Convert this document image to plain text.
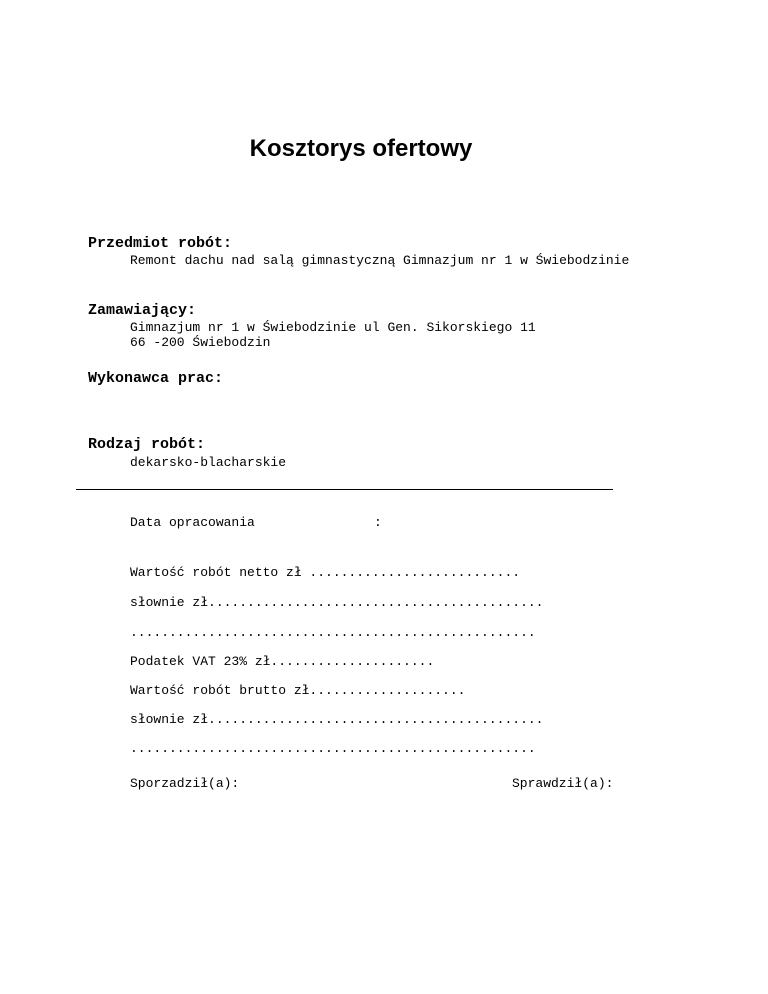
Kosztorys ofertowy
Przedmiot robót:
Remont dachu nad salą gimnastyczną Gimnazjum nr 1 w Świebodzinie
Zamawiający:
Gimnazjum nr 1 w Świebodzinie ul Gen. Sikorskiego 11
66 -200 Świebodzin
Wykonawca prac:
Rodzaj robót:
dekarsko-blacharskie
Data opracowania	:
Wartość robót netto zł ...........................
słownie zł...........................................
....................................................
Podatek VAT 23% zł.....................
Wartość robót brutto zł....................
słownie zł...........................................
....................................................
Sporzadził(a):	Sprawdził(a):
